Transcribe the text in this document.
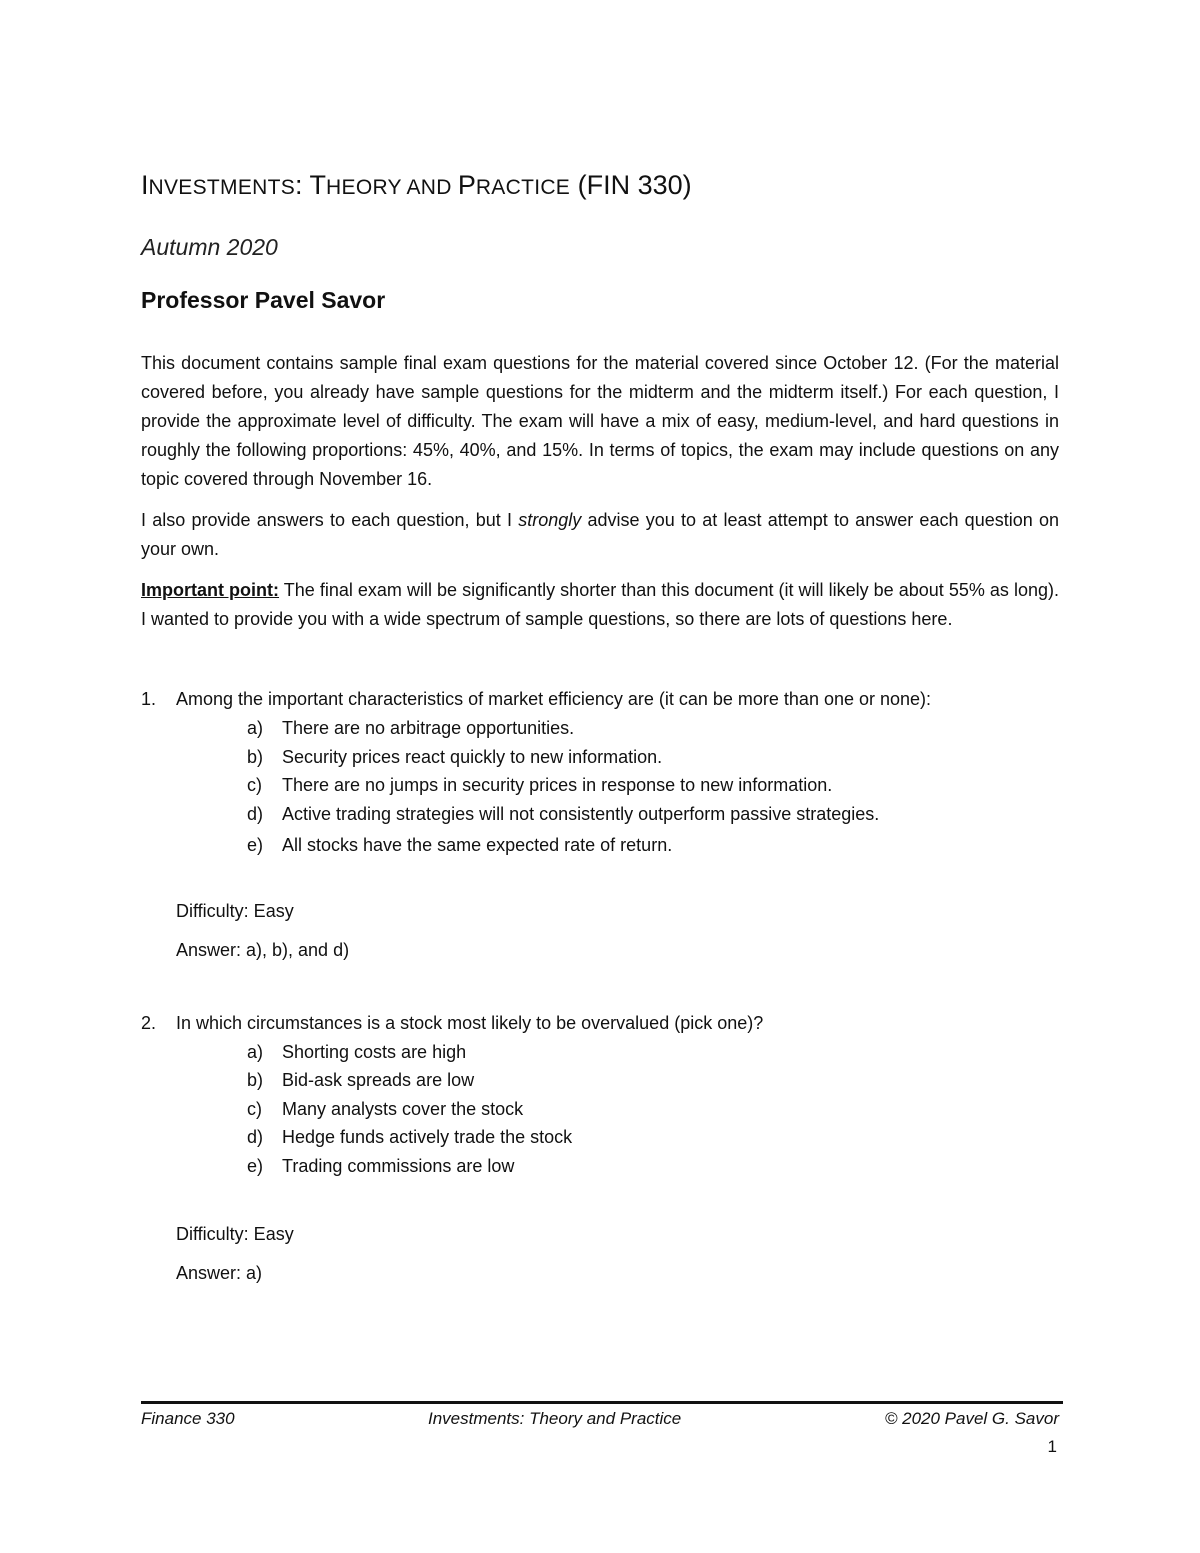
INVESTMENTS: THEORY AND PRACTICE (FIN 330)
Autumn 2020
Professor Pavel Savor

This document contains sample final exam questions for the material covered since October 12. (For the material covered before, you already have sample questions for the midterm and the midterm itself.) For each question, I provide the approximate level of difficulty. The exam will have a mix of easy, medium-level, and hard questions in roughly the following proportions: 45%, 40%, and 15%. In terms of topics, the exam may include questions on any topic covered through November 16.

I also provide answers to each question, but I strongly advise you to at least attempt to answer each question on your own.

Important point: The final exam will be significantly shorter than this document (it will likely be about 55% as long). I wanted to provide you with a wide spectrum of sample questions, so there are lots of questions here.

1.	Among the important characteristics of market efficiency are (it can be more than one or none):
a) There are no arbitrage opportunities.
b) Security prices react quickly to new information.
c) There are no jumps in security prices in response to new information.
d) Active trading strategies will not consistently outperform passive strategies.
e) All stocks have the same expected rate of return.
Difficulty: Easy
Answer: a), b), and d)
2.	In which circumstances is a stock most likely to be overvalued (pick one)?
a) Shorting costs are high
b) Bid-ask spreads are low
c) Many analysts cover the stock
d) Hedge funds actively trade the stock
e) Trading commissions are low
Difficulty: Easy
Answer: a)
Finance 330	Investments: Theory and Practice	© 2020 Pavel G. Savor
1
